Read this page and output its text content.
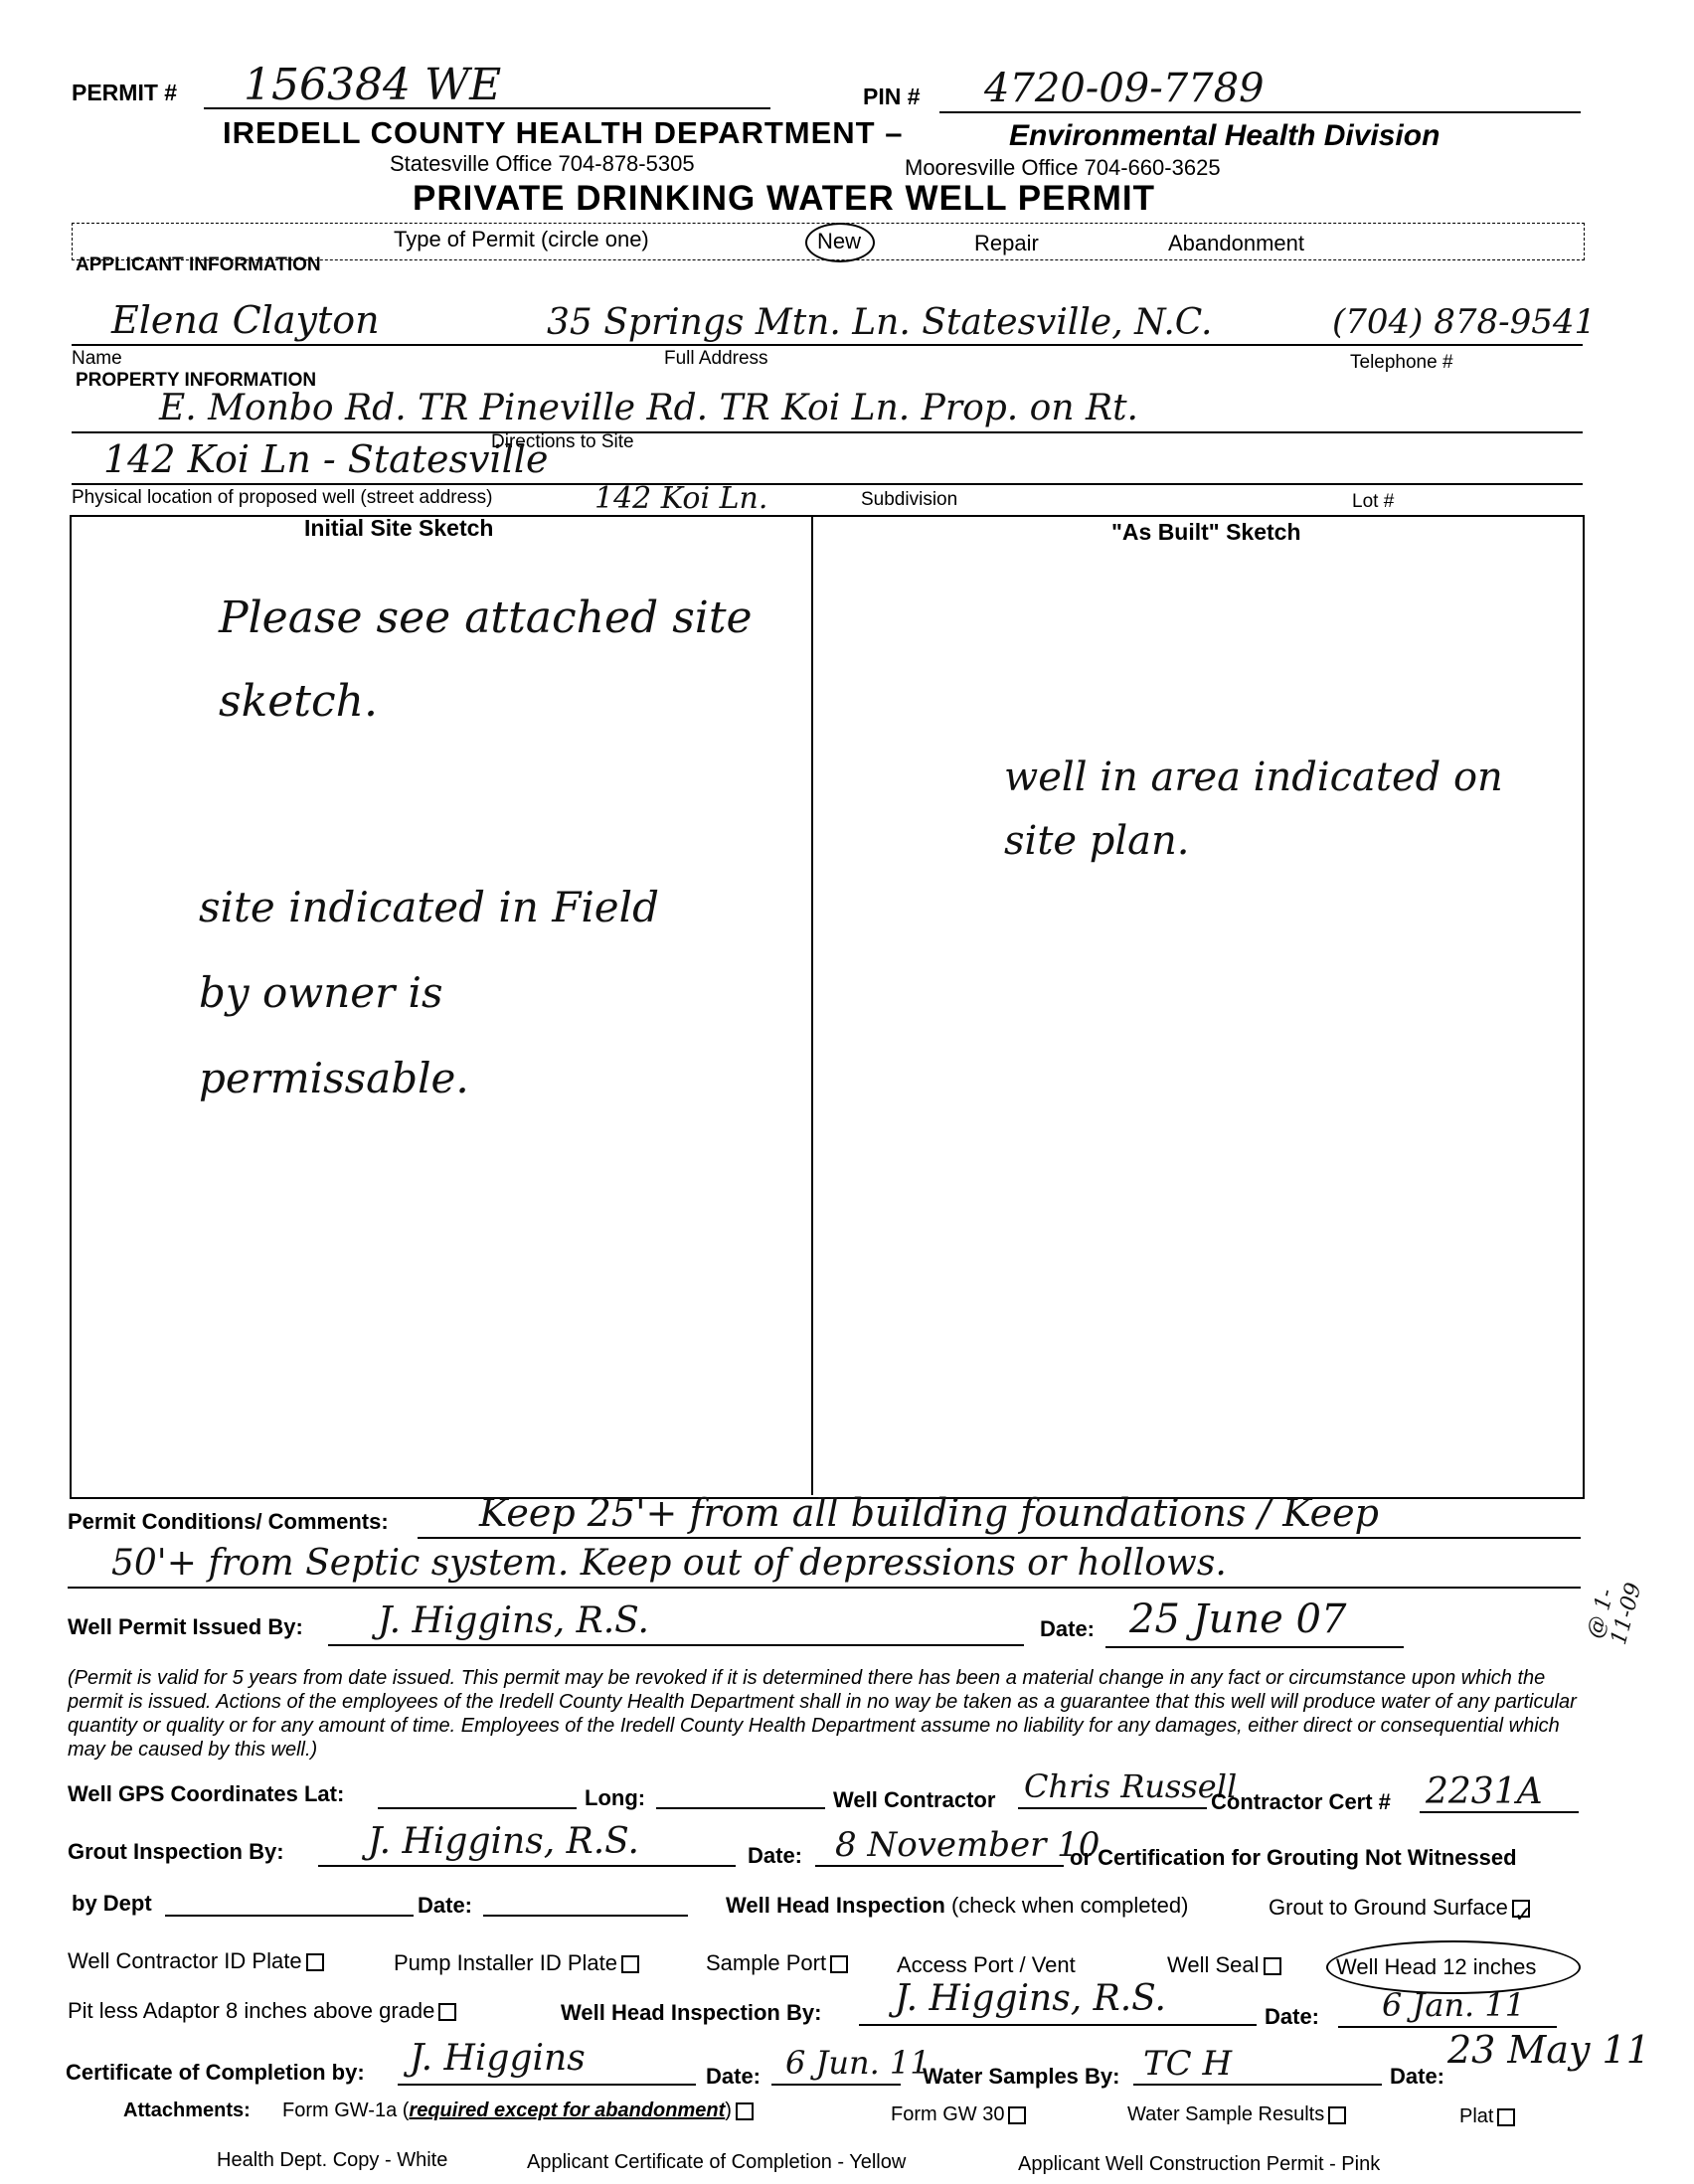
PERMIT # 156384 WE	PIN # 4720-09-7789
IREDELL COUNTY HEALTH DEPARTMENT –	Environmental Health Division
Statesville Office 704-878-5305	Mooresville Office 704-660-3625
PRIVATE DRINKING WATER WELL PERMIT
Type of Permit (circle one)	New	Repair	Abandonment
APPLICANT INFORMATION
Elena Clayton	35 Springs Mtn. Ln. Statesville, N.C.	(704) 878-9541
Name	Full Address	Telephone #
PROPERTY INFORMATION
E. Monbo Rd. TR Pineville Rd. TR Koi Ln. Prop. on Rt.
Directions to Site
142 Koi Ln - Statesville
Physical location of proposed well (street address)	142 Koi Ln.	Subdivision	Lot #
Initial Site Sketch	"As Built" Sketch
Please see attached site sketch.
site indicated in Field by owner is permissable.
well in area indicated on site plan.
Permit Conditions/ Comments: Keep 25'+ from all building foundations / Keep
50'+ from Septic system. Keep out of depressions or hollows.
@ 1-11-09
Well Permit Issued By: J. Higgins, R.S.	Date: 25 June 07
(Permit is valid for 5 years from date issued. This permit may be revoked if it is determined there has been a material change in any fact or circumstance upon which the permit is issued. Actions of the employees of the Iredell County Health Department shall in no way be taken as a guarantee that this well will produce water of any particular quantity or quality or for any amount of time. Employees of the Iredell County Health Department assume no liability for any damages, either direct or consequential which may be caused by this well.)
Well GPS Coordinates Lat:	Long:	Well Contractor Chris Russell
Contractor Cert # 2231A
Grout Inspection By: J. Higgins, R.S.	Date: 8 November 10
or Certification for Grouting Not Witnessed
by Dept	Date:	Well Head Inspection (check when completed)	Grout to Ground Surface ✓
Well Contractor ID Plate	Pump Installer ID Plate	Sample Port	Access Port / Vent	Well Seal	Well Head 12 inches
Pit less Adaptor 8 inches above grade	Well Head Inspection By: J. Higgins, R.S.	Date: 6 Jan. 11
Certificate of Completion by: J. Higgins	Date: 6 Jun. 11
Water Samples By: TC H	Date:
23 May 11
Attachments: Form GW-1a (required except for abandonment)	Form GW 30	Water Sample Results	Plat
Health Dept. Copy - White	Applicant Certificate of Completion - Yellow	Applicant Well Construction Permit - Pink
